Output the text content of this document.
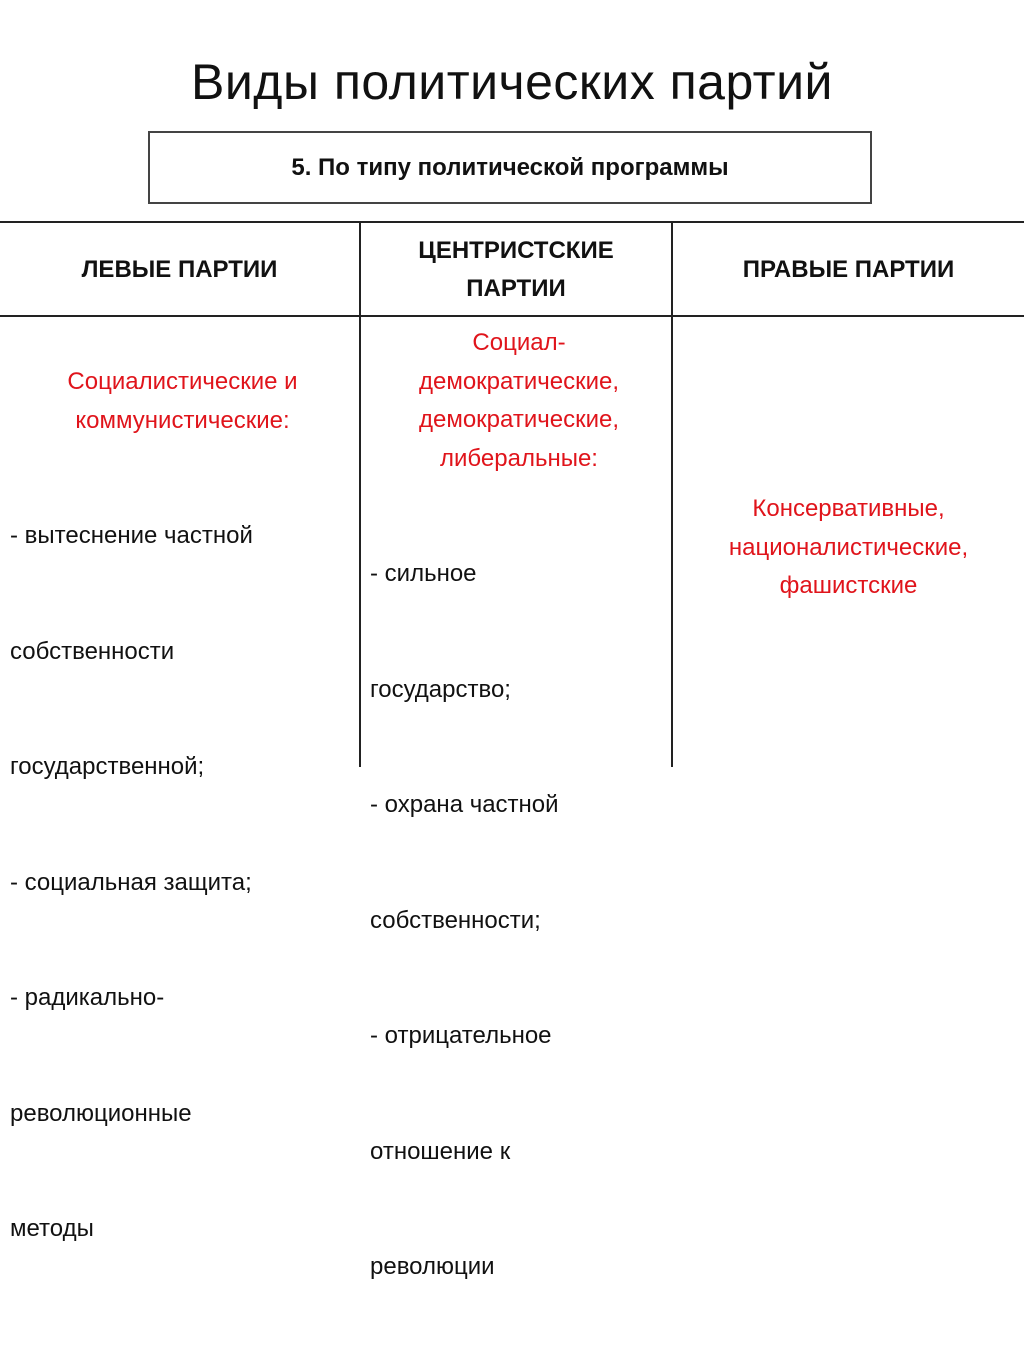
Виды политических партий
5. По типу политической программы
ЛЕВЫЕ ПАРТИИ
ЦЕНТРИСТСКИЕ
ПАРТИИ
ПРАВЫЕ ПАРТИИ
Социалистические и
коммунистические:

- вытеснение частной

собственности

государственной;

- социальная защита;

- радикально-

революционные

методы

Социал-
демократические,
демократические,
либеральные:

- сильное

государство;

- охрана частной

собственности;

- отрицательное

отношение к

революции

Консервативные,
националистические,
фашистские
